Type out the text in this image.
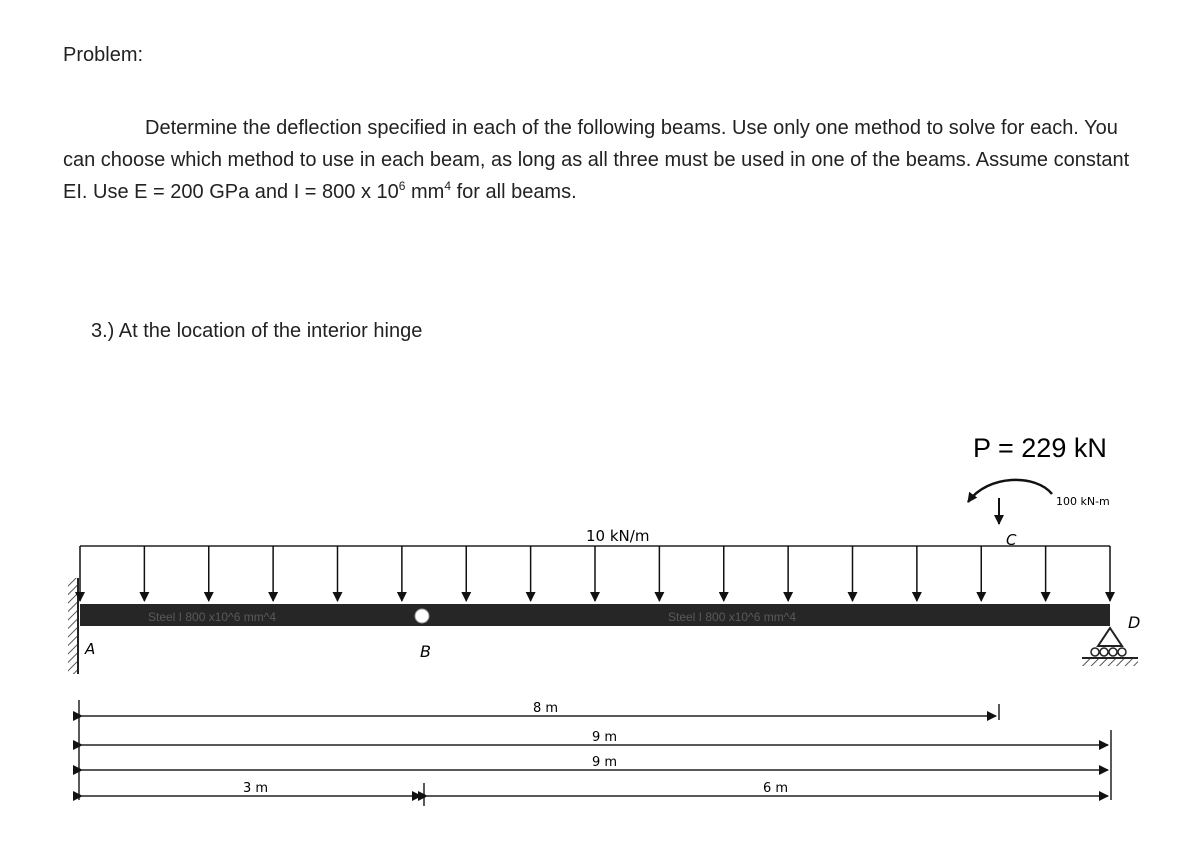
Problem:
Determine the deflection specified in each of the following beams. Use only one method to solve for each. You can choose which method to use in each beam, as long as all three must be used in one of the beams. Assume constant EI. Use E = 200 GPa and I = 800 x $10^6$ $mm^4$ for all beams.
3.) At the location of the interior hinge
Steel I 800 x10^6 mm^4	Steel I 800 x10^6 mm^4
A	B
C
D
10 kN/m
P = 229 kN
100 kN-m
8 m
9 m
9 m
3 m	6 m
